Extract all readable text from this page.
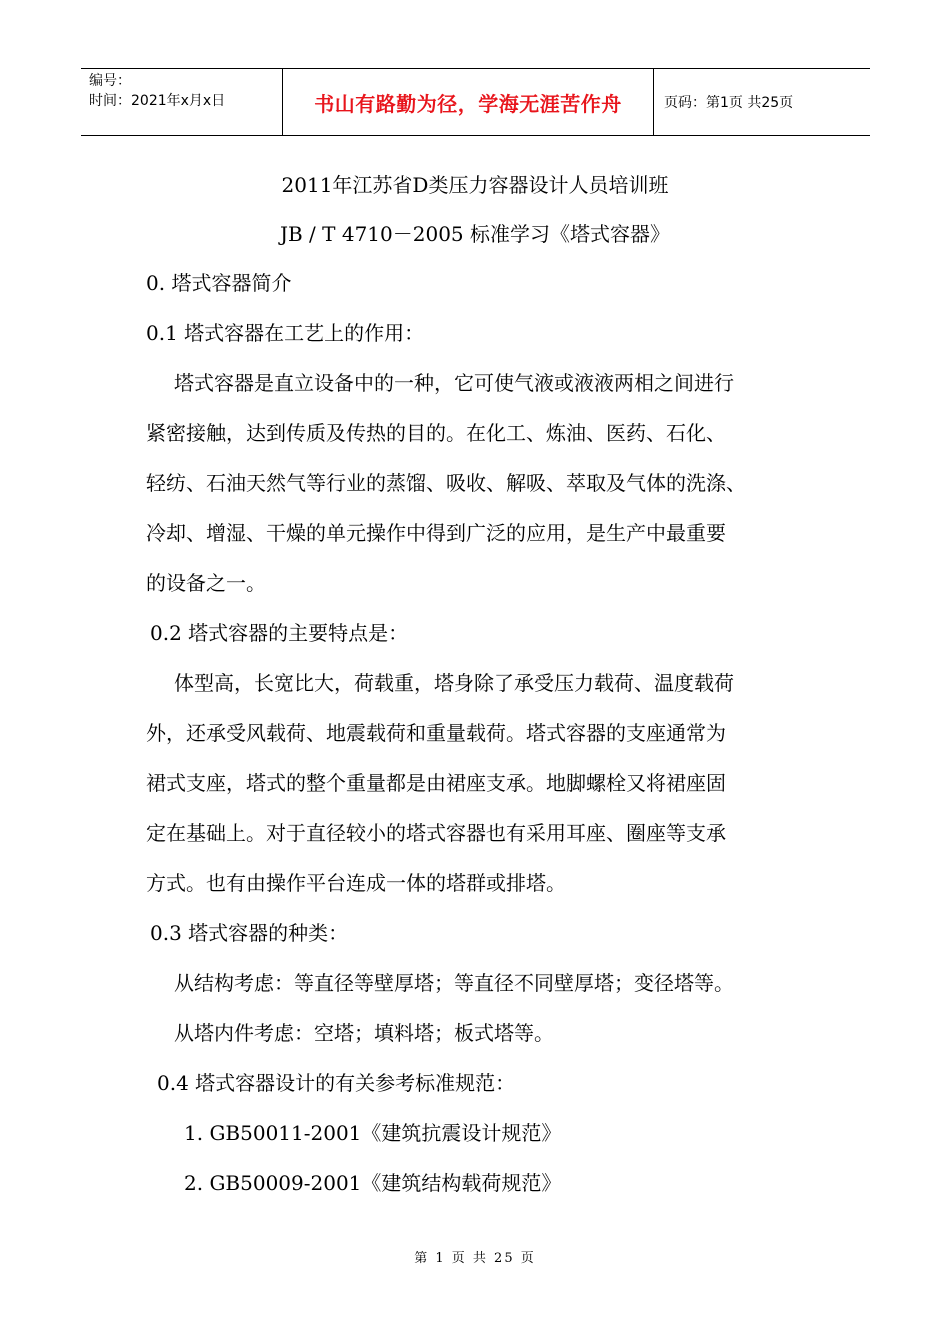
编号：
时间：2021年x月x日	书山有路勤为径，学海无涯苦作舟	页码：第1页 共25页
2011年江苏省D类压力容器设计人员培训班
JB / T 4710－2005 标准学习《塔式容器》
0. 塔式容器简介
0.1 塔式容器在工艺上的作用：
塔式容器是直立设备中的一种，它可使气液或液液两相之间进行
紧密接触，达到传质及传热的目的。在化工、炼油、医药、石化、
轻纺、石油天然气等行业的蒸馏、吸收、解吸、萃取及气体的洗涤、
冷却、增湿、干燥的单元操作中得到广泛的应用，是生产中最重要
的设备之一。
0.2 塔式容器的主要特点是：
体型高，长宽比大，荷载重，塔身除了承受压力载荷、温度载荷
外，还承受风载荷、地震载荷和重量载荷。塔式容器的支座通常为
裙式支座，塔式的整个重量都是由裙座支承。地脚螺栓又将裙座固
定在基础上。对于直径较小的塔式容器也有采用耳座、圈座等支承
方式。也有由操作平台连成一体的塔群或排塔。
0.3 塔式容器的种类：
从结构考虑：等直径等壁厚塔；等直径不同壁厚塔；变径塔等。
从塔内件考虑：空塔；填料塔；板式塔等。
0.4 塔式容器设计的有关参考标准规范：
1. GB50011-2001《建筑抗震设计规范》
2. GB50009-2001《建筑结构载荷规范》
第 1 页 共 25 页
